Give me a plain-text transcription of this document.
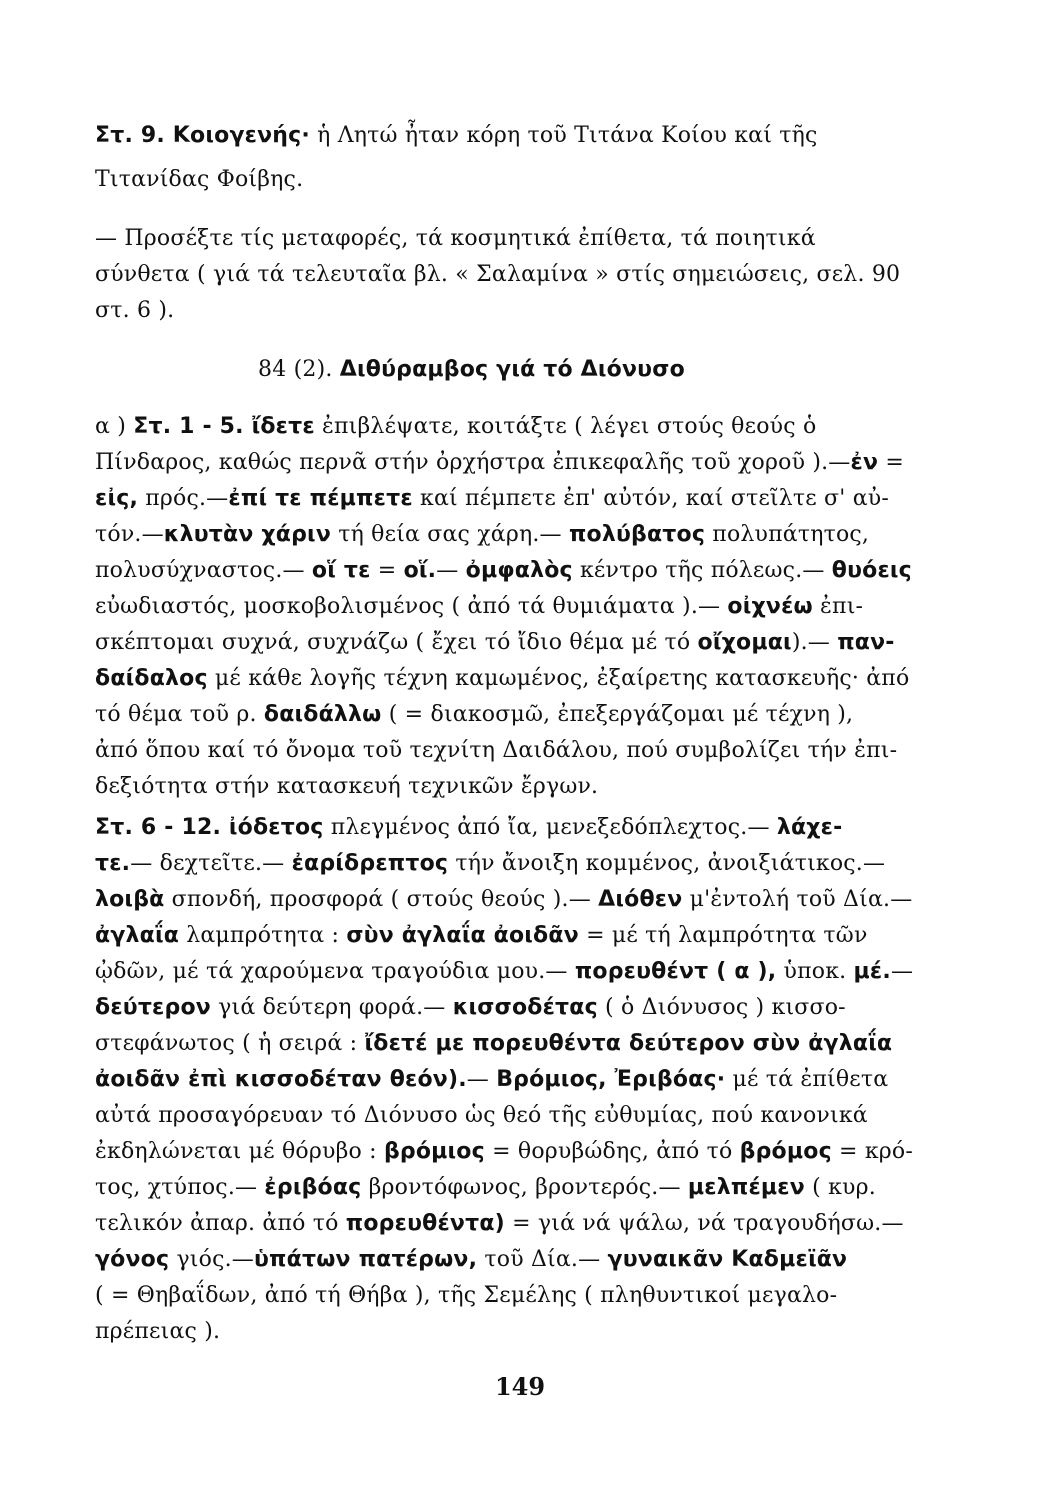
Στ. 9. Κοιογενής· ἡ Λητώ ἦταν κόρη τοῦ Τιτάνα Κοίου καί τῆς
Τιτανίδας Φοίβης.
— Προσέξτε τίς μεταφορές, τά κοσμητικά ἐπίθετα, τά ποιητικά
σύνθετα ( γιά τά τελευταῖα βλ. « Σαλαμίνα » στίς σημειώσεις, σελ. 90
στ. 6 ).
84 (2). Διθύραμβος γιά τό Διόνυσο
α ) Στ. 1 - 5. ἴδετε ἐπιβλέψατε, κοιτάξτε ( λέγει στούς θεούς ὁ
Πίνδαρος, καθώς περνᾶ στήν ὀρχήστρα ἐπικεφαλῆς τοῦ χοροῦ ).—ἐν =
εἰς, πρός.—ἐπί τε πέμπετε καί πέμπετε ἐπ' αὐτόν, καί στεῖλτε σ' αὐ-
τόν.—κλυτὰν χάριν τή θεία σας χάρη.— πολύβατος πολυπάτητος,
πολυσύχναστος.— οἵ τε = οἵ.— ὀμφαλὸς κέντρο τῆς πόλεως.— θυόεις
εὐωδιαστός, μοσκοβολισμένος ( ἀπό τά θυμιάματα ).— οἰχνέω ἐπι-
σκέπτομαι συχνά, συχνάζω ( ἔχει τό ἴδιο θέμα μέ τό οἴχομαι).— παν-
δαίδαλος μέ κάθε λογῆς τέχνη καμωμένος, ἐξαίρετης κατασκευῆς· ἀπό
τό θέμα τοῦ ρ. δαιδάλλω ( = διακοσμῶ, ἐπεξεργάζομαι μέ τέχνη ),
ἀπό ὅπου καί τό ὄνομα τοῦ τεχνίτη Δαιδάλου, πού συμβολίζει τήν ἐπι-
δεξιότητα στήν κατασκευή τεχνικῶν ἔργων.
Στ. 6 - 12. ἰόδετος πλεγμένος ἀπό ἴα, μενεξεδόπλεχτος.— λάχε-
τε.— δεχτεῖτε.— ἐαρίδρεπτος τήν ἄνοιξη κομμένος, ἀνοιξιάτικος.—
λοιβὰ σπονδή, προσφορά ( στούς θεούς ).— Διόθεν μ'ἐντολή τοῦ Δία.—
ἀγλαΐα λαμπρότητα : σὺν ἀγλαΐα ἀοιδᾶν = μέ τή λαμπρότητα τῶν
ᾠδῶν, μέ τά χαρούμενα τραγούδια μου.— πορευθέντ ( α ), ὑποκ. μέ.—
δεύτερον γιά δεύτερη φορά.— κισσοδέτας ( ὁ Διόνυσος ) κισσο-
στεφάνωτος ( ἡ σειρά : ἴδετέ με πορευθέντα δεύτερον σὺν ἀγλαΐα
ἀοιδᾶν ἐπὶ κισσοδέταν θεόν).— Βρόμιος, Ἐριβόας· μέ τά ἐπίθετα
αὐτά προσαγόρευαν τό Διόνυσο ὡς θεό τῆς εὐθυμίας, πού κανονικά
ἐκδηλώνεται μέ θόρυβο : βρόμιος = θορυβώδης, ἀπό τό βρόμος = κρό-
τος, χτύπος.— ἐριβόας βροντόφωνος, βροντερός.— μελπέμεν ( κυρ.
τελικόν ἀπαρ. ἀπό τό πορευθέντα) = γιά νά ψάλω, νά τραγουδήσω.—
γόνος γιός.—ὑπάτων πατέρων, τοῦ Δία.— γυναικᾶν Καδμεϊᾶν
( = Θηβαΐδων, ἀπό τή Θήβα ), τῆς Σεμέλης ( πληθυντικοί μεγαλο-
πρέπειας ).
149
